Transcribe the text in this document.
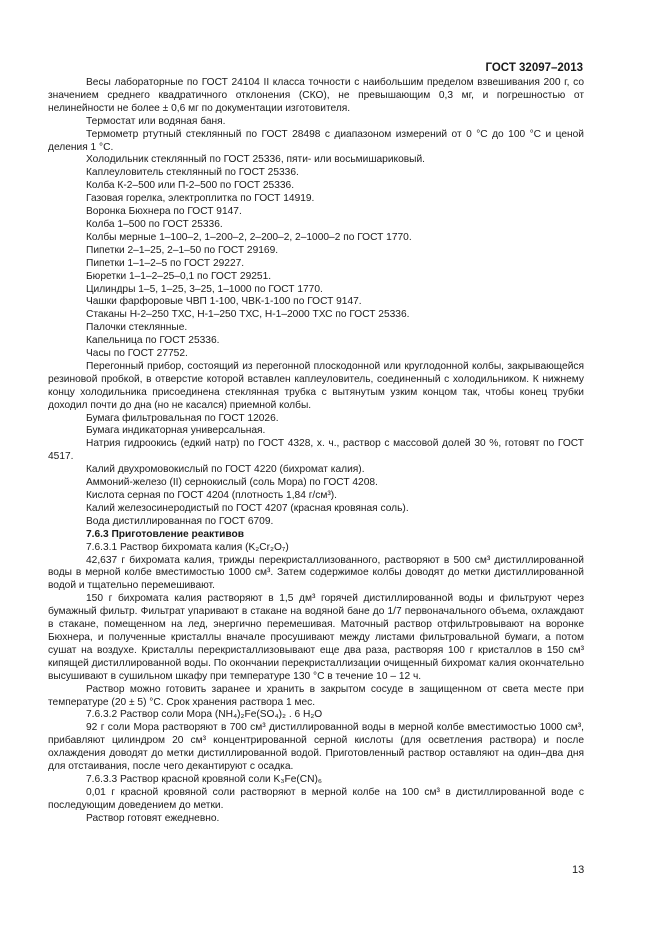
ГОСТ 32097–2013

Весы лабораторные по ГОСТ 24104 II класса точности с наибольшим пределом взвешивания 200 г, со значением среднего квадратичного отклонения (СКО), не превышающим 0,3 мг, и погрешностью от нелинейности не более ± 0,6 мг по документации изготовителя.

Термостат или водяная баня.

Термометр ртутный стеклянный по ГОСТ 28498 с диапазоном измерений от 0 °С до 100 °С и ценой деления 1 °С.

Холодильник стеклянный по ГОСТ 25336, пяти- или восьмишариковый.

Каплеуловитель стеклянный по ГОСТ 25336.

Колба К-2–500 или П-2–500 по ГОСТ 25336.

Газовая горелка, электроплитка по ГОСТ 14919.

Воронка Бюхнера по ГОСТ 9147.

Колба 1–500 по ГОСТ 25336.

Колбы мерные 1–100–2, 1–200–2, 2–200–2, 2–1000–2 по ГОСТ 1770.

Пипетки 2–1–25, 2–1–50 по ГОСТ 29169.

Пипетки 1–1–2–5 по ГОСТ 29227.

Бюретки 1–1–2–25–0,1 по ГОСТ 29251.

Цилиндры 1–5, 1–25, 3–25, 1–1000 по ГОСТ 1770.

Чашки фарфоровые ЧВП 1-100, ЧВК-1-100 по ГОСТ 9147.

Стаканы Н-2–250 ТХС, Н-1–250 ТХС, Н-1–2000 ТХС по ГОСТ 25336.

Палочки стеклянные.

Капельница по ГОСТ 25336.

Часы по ГОСТ 27752.

Перегонный прибор, состоящий из перегонной плоскодонной или круглодонной колбы, закрывающейся резиновой пробкой, в отверстие которой вставлен каплеуловитель, соединенный с холодильником. К нижнему концу холодильника присоединена стеклянная трубка с вытянутым узким концом так, чтобы конец трубки доходил почти до дна (но не касался) приемной колбы.

Бумага фильтровальная по ГОСТ 12026.

Бумага индикаторная универсальная.

Натрия гидроокись (едкий натр) по ГОСТ 4328, х. ч., раствор с массовой долей 30 %, готовят по ГОСТ 4517.

Калий двухромовокислый по ГОСТ 4220 (бихромат калия).

Аммоний-железо (II) сернокислый (соль Мора) по ГОСТ 4208.

Кислота серная по ГОСТ 4204 (плотность 1,84 г/см³).

Калий железосинеродистый по ГОСТ 4207 (красная кровяная соль).

Вода дистиллированная по ГОСТ 6709.

7.6.3 Приготовление реактивов

7.6.3.1 Раствор бихромата калия (K₂Cr₂O₇)

42,637 г бихромата калия, трижды перекристаллизованного, растворяют в 500 см³ дистиллированной воды в мерной колбе вместимостью 1000 см³. Затем содержимое колбы доводят до метки дистиллированной водой и тщательно перемешивают.

150 г бихромата калия растворяют в 1,5 дм³ горячей дистиллированной воды и фильтруют через бумажный фильтр. Фильтрат упаривают в стакане на водяной бане до 1/7 первоначального объема, охлаждают в стакане, помещенном на лед, энергично перемешивая. Маточный раствор отфильтровывают на воронке Бюхнера, и полученные кристаллы вначале просушивают между листами фильтровальной бумаги, а потом сушат на воздухе. Кристаллы перекристаллизовывают еще два раза, растворяя 100 г кристаллов в 150 см³ кипящей дистиллированной воды. По окончании перекристаллизации очищенный бихромат калия окончательно высушивают в сушильном шкафу при температуре 130 °С в течение 10 – 12 ч.

Раствор можно готовить заранее и хранить в закрытом сосуде в защищенном от света месте при температуре (20 ± 5) °С. Срок хранения раствора 1 мес.

7.6.3.2 Раствор соли Мора (NH₄)₂Fe(SO₄)₂ . 6 H₂O

92 г соли Мора растворяют в 700 см³ дистиллированной воды в мерной колбе вместимостью 1000 см³, прибавляют цилиндром 20 см³ концентрированной серной кислоты (для осветления раствора) и после охлаждения доводят до метки дистиллированной водой. Приготовленный раствор оставляют на один–два дня для отстаивания, после чего декантируют с осадка.

7.6.3.3 Раствор красной кровяной соли K₃Fe(CN)₆

0,01 г красной кровяной соли растворяют в мерной колбе на 100 см³ в дистиллированной воде с последующим доведением до метки.

Раствор готовят ежедневно.

13
